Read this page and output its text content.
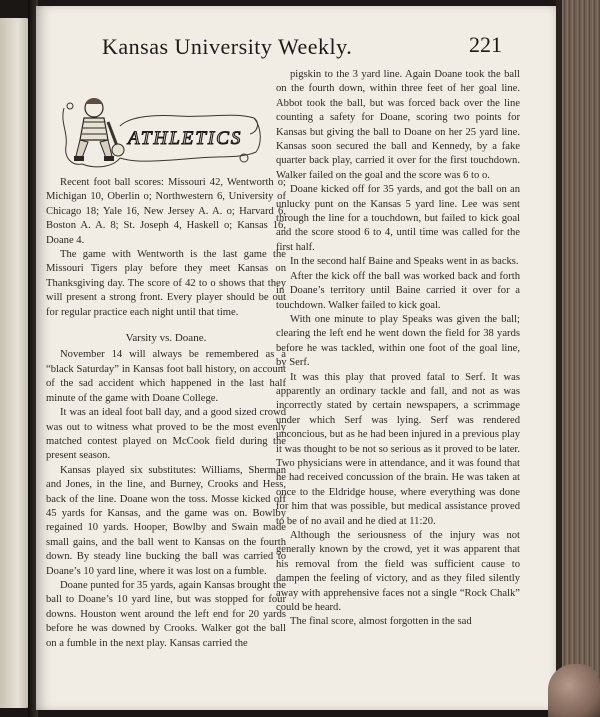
Kansas University Weekly.	221
ATHLETICS

Recent foot ball scores: Missouri 42, Wentworth o; Michigan 10, Oberlin o; Northwestern 6, University of Chicago 18; Yale 16, New Jersey A. A. o; Harvard 6, Boston A. A. 8; St. Joseph 4, Haskell o; Kansas 16, Doane 4.

The game with Wentworth is the last game the Missouri Tigers play before they meet Kansas on Thanksgiving day. The score of 42 to o shows that they will present a strong front. Every player should be out for regular practice each night until that time.

Varsity vs. Doane.

November 14 will always be remembered as a “black Saturday” in Kansas foot ball history, on account of the sad accident which happened in the last half minute of the game with Doane College.

It was an ideal foot ball day, and a good sized crowd was out to witness what proved to be the most evenly matched contest played on McCook field during the present season.

Kansas played six substitutes: Williams, Sherman and Jones, in the line, and Burney, Crooks and Hess, back of the line. Doane won the toss. Mosse kicked off 45 yards for Kansas, and the game was on. Bowlby regained 10 yards. Hooper, Bowlby and Swain made small gains, and the ball went to Kansas on the fourth down. By steady line bucking the ball was carried to Doane’s 10 yard line, where it was lost on a fumble.

Doane punted for 35 yards, again Kansas brought the ball to Doane’s 10 yard line, but was stopped for four downs. Houston went around the left end for 20 yards before he was downed by Crooks. Walker got the ball on a fumble in the next play. Kansas carried the

pigskin to the 3 yard line. Again Doane took the ball on the fourth down, within three feet of her goal line. Abbot took the ball, but was forced back over the line counting a safety for Doane, scoring two points for Kansas but giving the ball to Doane on her 25 yard line. Kansas soon secured the ball and Kennedy, by a fake quarter back play, carried it over for the first touchdown. Walker failed on the goal and the score was 6 to o.

Doane kicked off for 35 yards, and got the ball on an unlucky punt on the Kansas 5 yard line. Lee was sent through the line for a touchdown, but failed to kick goal and the score stood 6 to 4, until time was called for the first half.

In the second half Baine and Speaks went in as backs.

After the kick off the ball was worked back and forth in Doane’s territory until Baine carried it over for a touchdown. Walker failed to kick goal.

With one minute to play Speaks was given the ball; clearing the left end he went down the field for 38 yards before he was tackled, within one foot of the goal line, by Serf.

It was this play that proved fatal to Serf. It was apparently an ordinary tackle and fall, and not as was incorrectly stated by certain newspapers, a scrimmage under which Serf was lying. Serf was rendered unconcious, but as he had been injured in a previous play it was thought to be not so serious as it proved to be later. Two physicians were in attendance, and it was found that he had received concussion of the brain. He was taken at once to the Eldridge house, where everything was done for him that was possible, but medical assistance proved to be of no avail and he died at 11:20.

Although the seriousness of the injury was not generally known by the crowd, yet it was apparent that his removal from the field was sufficient cause to dampen the feeling of victory, and as they filed silently away with apprehensive faces not a single “Rock Chalk” could be heard.

The final score, almost forgotten in the sad
